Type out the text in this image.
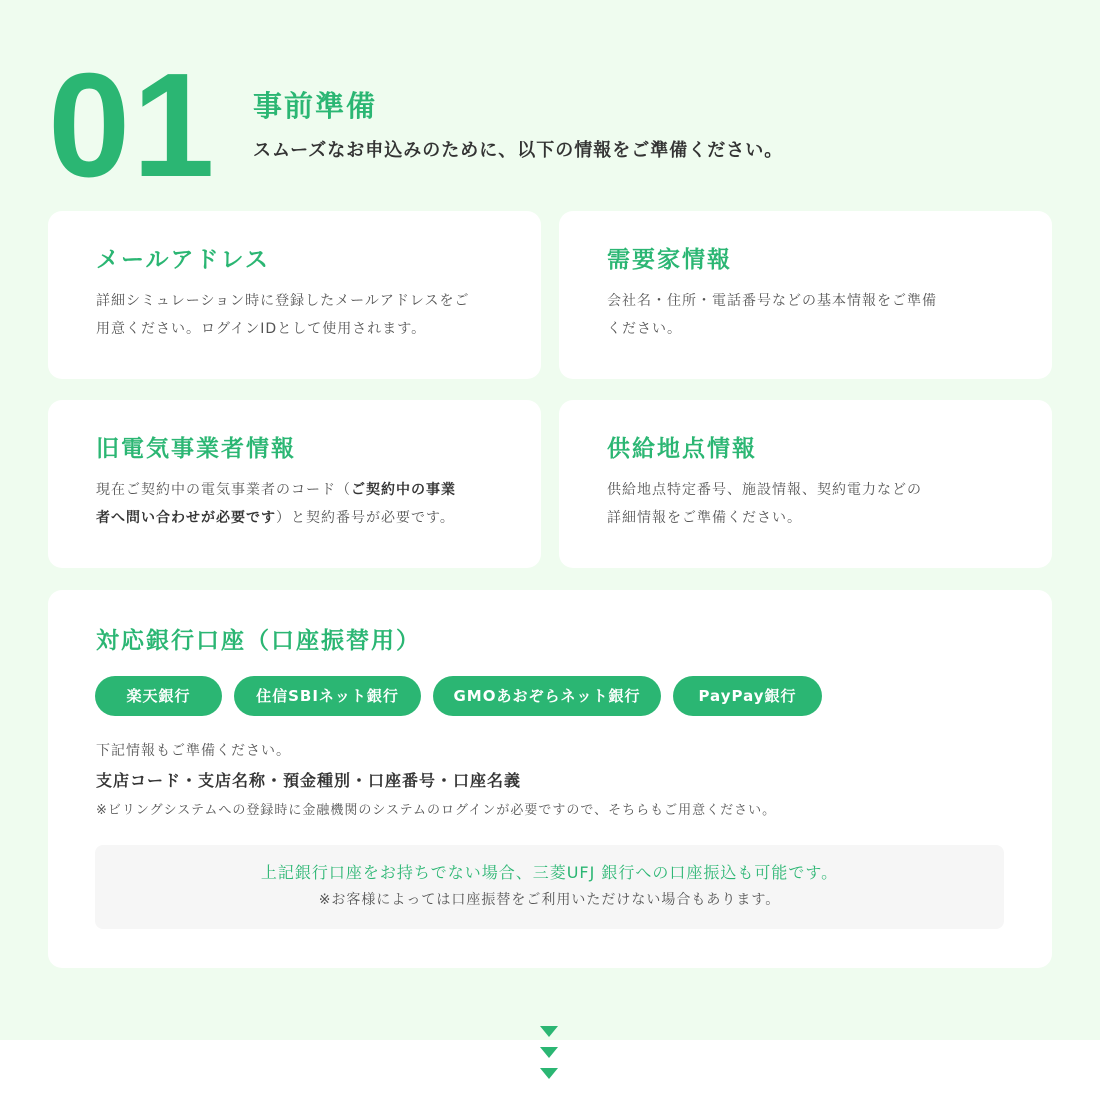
01 事前準備
スムーズなお申込みのために、以下の情報をご準備ください。
メールアドレス
詳細シミュレーション時に登録したメールアドレスをご
用意ください。ログインIDとして使用されます。
需要家情報
会社名・住所・電話番号などの基本情報をご準備
ください。
旧電気事業者情報
現在ご契約中の電気事業者のコード（ご契約中の事業
者へ問い合わせが必要です）と契約番号が必要です。
供給地点情報
供給地点特定番号、施設情報、契約電力などの
詳細情報をご準備ください。
対応銀行口座（口座振替用）
楽天銀行	住信SBIネット銀行	GMOあおぞらネット銀行	PayPay銀行
下記情報もご準備ください。
支店コード・支店名称・預金種別・口座番号・口座名義
※ビリングシステムへの登録時に金融機関のシステムのログインが必要ですので、そちらもご用意ください。
上記銀行口座をお持ちでない場合、三菱UFJ 銀行への口座振込も可能です。
※お客様によっては口座振替をご利用いただけない場合もあります。
